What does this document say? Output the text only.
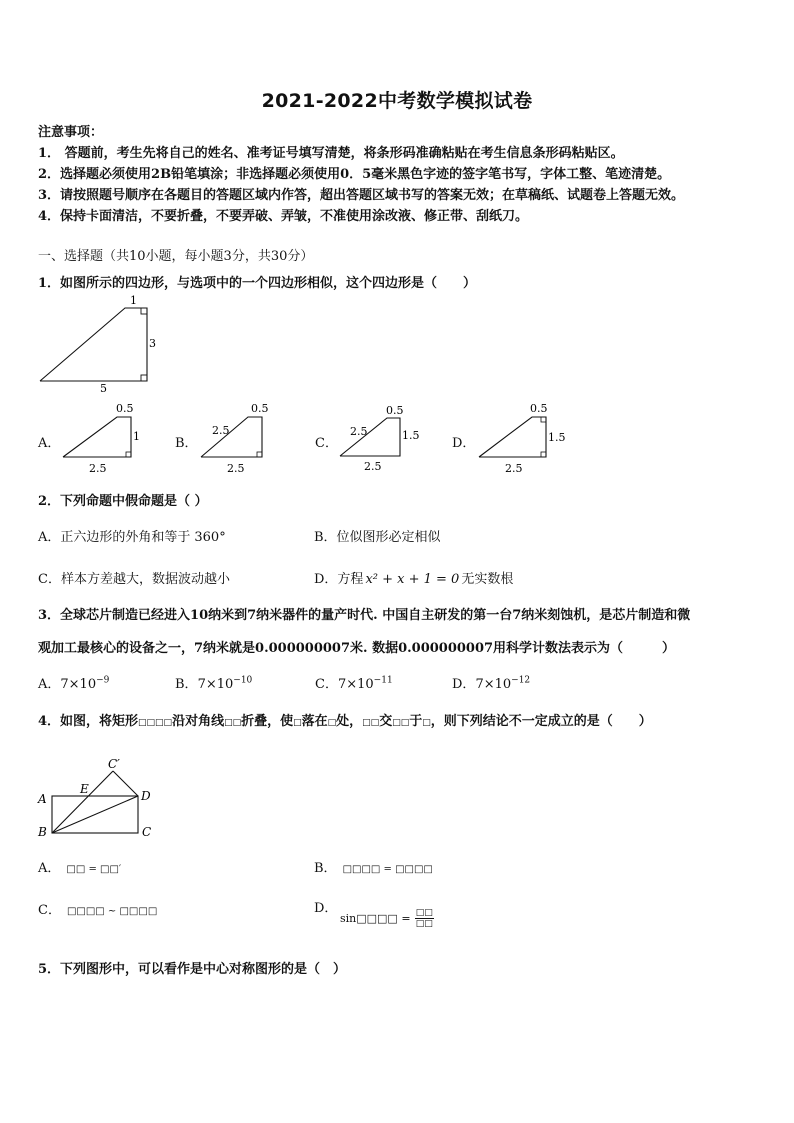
2021-2022中考数学模拟试卷
注意事项：
1． 答题前，考生先将自己的姓名、准考证号填写清楚，将条形码准确粘贴在考生信息条形码粘贴区。
2．选择题必须使用2B铅笔填涂；非选择题必须使用0．5毫米黑色字迹的签字笔书写，字体工整、笔迹清楚。
3．请按照题号顺序在各题目的答题区域内作答，超出答题区域书写的答案无效；在草稿纸、试题卷上答题无效。
4．保持卡面清洁，不要折叠，不要弄破、弄皱，不准使用涂改液、修正带、刮纸刀。
一、选择题（共10小题，每小题3分，共30分）
1．如图所示的四边形，与选项中的一个四边形相似，这个四边形是（　　）
1
3
5
A．
0.5
1
2.5
B．
0.5
2.5
2.5
C．
0.5
2.5	1.5
2.5
D．
0.5
1.5
2.5
2．下列命题中假命题是（ ）
A．正六边形的外角和等于 360°	B．位似图形必定相似
C．样本方差越大，数据波动越小	D．方程 x² + x + 1 = 0 无实数根
3．全球芯片制造已经进入10纳米到7纳米器件的量产时代. 中国自主研发的第一台7纳米刻蚀机，是芯片制造和微
观加工最核心的设备之一，7纳米就是0.000000007米. 数据0.000000007用科学计数法表示为（　　　）
A．$7\times 10^{-9}$	B．$7\times 10^{-10}$	C．$7\times 10^{-11}$	D．$7\times 10^{-12}$
4．如图，将矩形□□□□沿对角线□□折叠，使□落在□处，□□交□□于□，则下列结论不一定成立的是（　　）
A
B	C
D
E
C′
A． □□ = □□′	B． □□□□ = □□□□
C． □□□□ ~ □□□□	D．
sin□□□□ = $\frac{□□}{□□}$
5．下列图形中，可以看作是中心对称图形的是（　）
